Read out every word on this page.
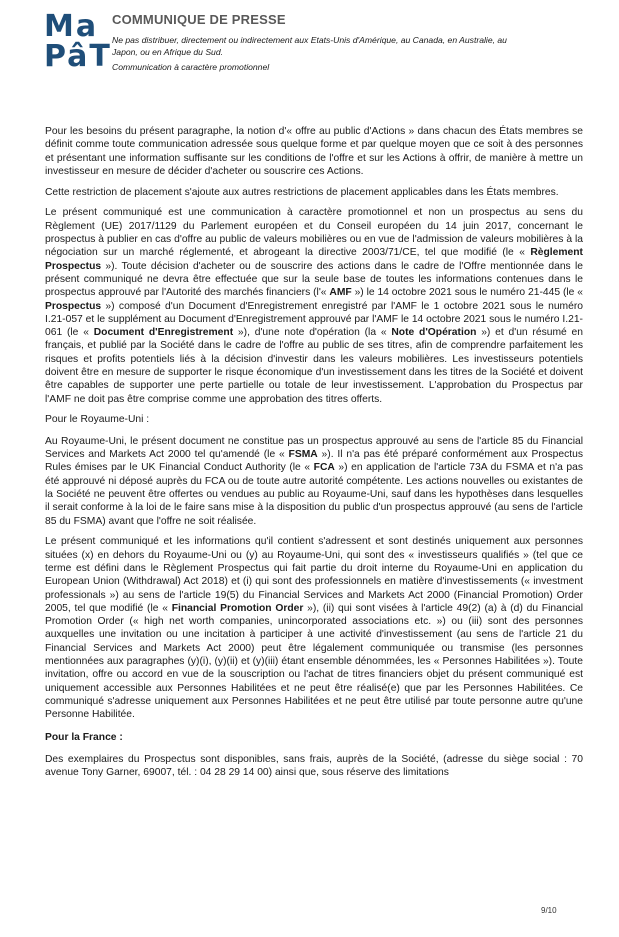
Ma
PâT
COMMUNIQUE DE PRESSE
Ne pas distribuer, directement ou indirectement aux Etats-Unis d'Amérique, au Canada, en Australie, au Japon, ou en Afrique du Sud.
Communication à caractère promotionnel

Pour les besoins du présent paragraphe, la notion d'« offre au public d'Actions » dans chacun des États membres se définit comme toute communication adressée sous quelque forme et par quelque moyen que ce soit à des personnes et présentant une information suffisante sur les conditions de l'offre et sur les Actions à offrir, de manière à mettre un investisseur en mesure de décider d'acheter ou souscrire ces Actions.

Cette restriction de placement s'ajoute aux autres restrictions de placement applicables dans les États membres.

Le présent communiqué est une communication à caractère promotionnel et non un prospectus au sens du Règlement (UE) 2017/1129 du Parlement européen et du Conseil européen du 14 juin 2017, concernant le prospectus à publier en cas d'offre au public de valeurs mobilières ou en vue de l'admission de valeurs mobilières à la négociation sur un marché réglementé, et abrogeant la directive 2003/71/CE, tel que modifié (le « Règlement Prospectus »). Toute décision d'acheter ou de souscrire des actions dans le cadre de l'Offre mentionnée dans le présent communiqué ne devra être effectuée que sur la seule base de toutes les informations contenues dans le prospectus approuvé par l'Autorité des marchés financiers (l'« AMF ») le 14 octobre 2021 sous le numéro 21-445 (le « Prospectus ») composé d'un Document d'Enregistrement enregistré par l'AMF le 1 octobre 2021 sous le numéro I.21-057 et le supplément au Document d'Enregistrement approuvé par l'AMF le 14 octobre 2021 sous le numéro I.21-061 (le « Document d'Enregistrement »), d'une note d'opération (la « Note d'Opération ») et d'un résumé en français, et publié par la Société dans le cadre de l'offre au public de ses titres, afin de comprendre parfaitement les risques et profits potentiels liés à la décision d'investir dans les valeurs mobilières. Les investisseurs potentiels doivent être en mesure de supporter le risque économique d'un investissement dans les titres de la Société et doivent être capables de supporter une perte partielle ou totale de leur investissement. L'approbation du Prospectus par l'AMF ne doit pas être comprise comme une approbation des titres offerts.

Pour le Royaume-Uni :

Au Royaume-Uni, le présent document ne constitue pas un prospectus approuvé au sens de l'article 85 du Financial Services and Markets Act 2000 tel qu'amendé (le « FSMA »). Il n'a pas été préparé conformément aux Prospectus Rules émises par le UK Financial Conduct Authority (le « FCA ») en application de l'article 73A du FSMA et n'a pas été approuvé ni déposé auprès du FCA ou de toute autre autorité compétente. Les actions nouvelles ou existantes de la Société ne peuvent être offertes ou vendues au public au Royaume-Uni, sauf dans les hypothèses dans lesquelles il serait conforme à la loi de le faire sans mise à la disposition du public d'un prospectus approuvé (au sens de l'article 85 du FSMA) avant que l'offre ne soit réalisée.

Le présent communiqué et les informations qu'il contient s'adressent et sont destinés uniquement aux personnes situées (x) en dehors du Royaume-Uni ou (y) au Royaume-Uni, qui sont des « investisseurs qualifiés » (tel que ce terme est défini dans le Règlement Prospectus qui fait partie du droit interne du Royaume-Uni en application du European Union (Withdrawal) Act 2018) et (i) qui sont des professionnels en matière d'investissements (« investment professionals ») au sens de l'article 19(5) du Financial Services and Markets Act 2000 (Financial Promotion) Order 2005, tel que modifié (le « Financial Promotion Order »), (ii) qui sont visées à l'article 49(2) (a) à (d) du Financial Promotion Order (« high net worth companies, unincorporated associations etc. ») ou (iii) sont des personnes auxquelles une invitation ou une incitation à participer à une activité d'investissement (au sens de l'article 21 du Financial Services and Markets Act 2000) peut être légalement communiquée ou transmise (les personnes mentionnées aux paragraphes (y)(i), (y)(ii) et (y)(iii) étant ensemble dénommées, les « Personnes Habilitées »). Toute invitation, offre ou accord en vue de la souscription ou l'achat de titres financiers objet du présent communiqué est uniquement accessible aux Personnes Habilitées et ne peut être réalisé(e) que par les Personnes Habilitées. Ce communiqué s'adresse uniquement aux Personnes Habilitées et ne peut être utilisé par toute personne autre qu'une Personne Habilitée.

Pour la France :

Des exemplaires du Prospectus sont disponibles, sans frais, auprès de la Société, (adresse du siège social : 70 avenue Tony Garner, 69007, tél. : 04 28 29 14 00) ainsi que, sous réserve des limitations

9/10
